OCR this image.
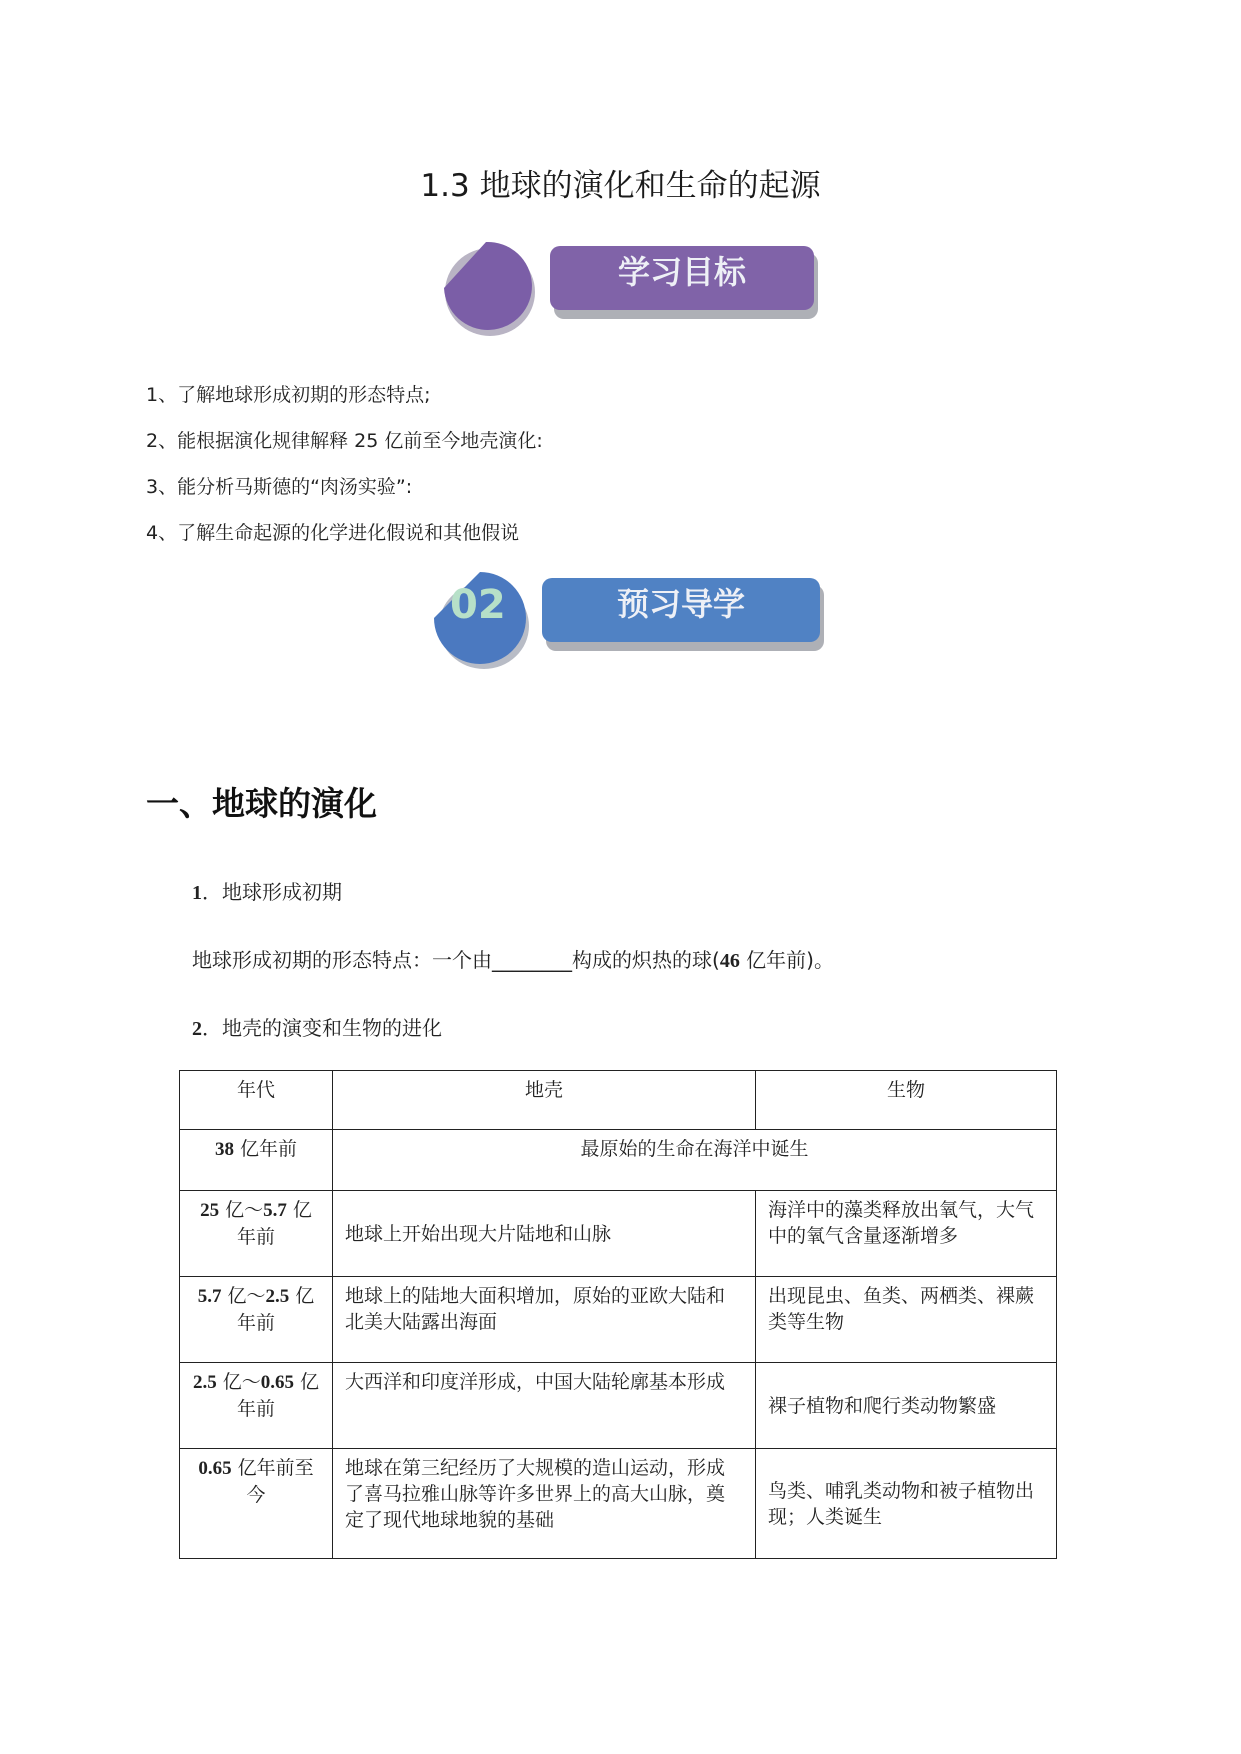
1.3 地球的演化和生命的起源
学习目标
1、了解地球形成初期的形态特点;
2、能根据演化规律解释 25 亿前至今地壳演化:
3、能分析马斯德的“肉汤实验”:
4、了解生命起源的化学进化假说和其他假说
02	预习导学
一、地球的演化
1．地球形成初期
地球形成初期的形态特点：一个由________构成的炽热的球(46 亿年前)。
2．地壳的演变和生物的进化
年代	地壳	生物
38 亿年前	最原始的生命在海洋中诞生	
25 亿～5.7 亿年前	地球上开始出现大片陆地和山脉	海洋中的藻类释放出氧气，大气中的氧气含量逐渐增多
5.7 亿～2.5 亿年前	地球上的陆地大面积增加，原始的亚欧大陆和北美大陆露出海面	出现昆虫、鱼类、两栖类、裸蕨类等生物
2.5 亿～0.65 亿年前	大西洋和印度洋形成，中国大陆轮廓基本形成	裸子植物和爬行类动物繁盛
0.65 亿年前至今	地球在第三纪经历了大规模的造山运动，形成了喜马拉雅山脉等许多世界上的高大山脉，奠定了现代地球地貌的基础	鸟类、哺乳类动物和被子植物出现；人类诞生
